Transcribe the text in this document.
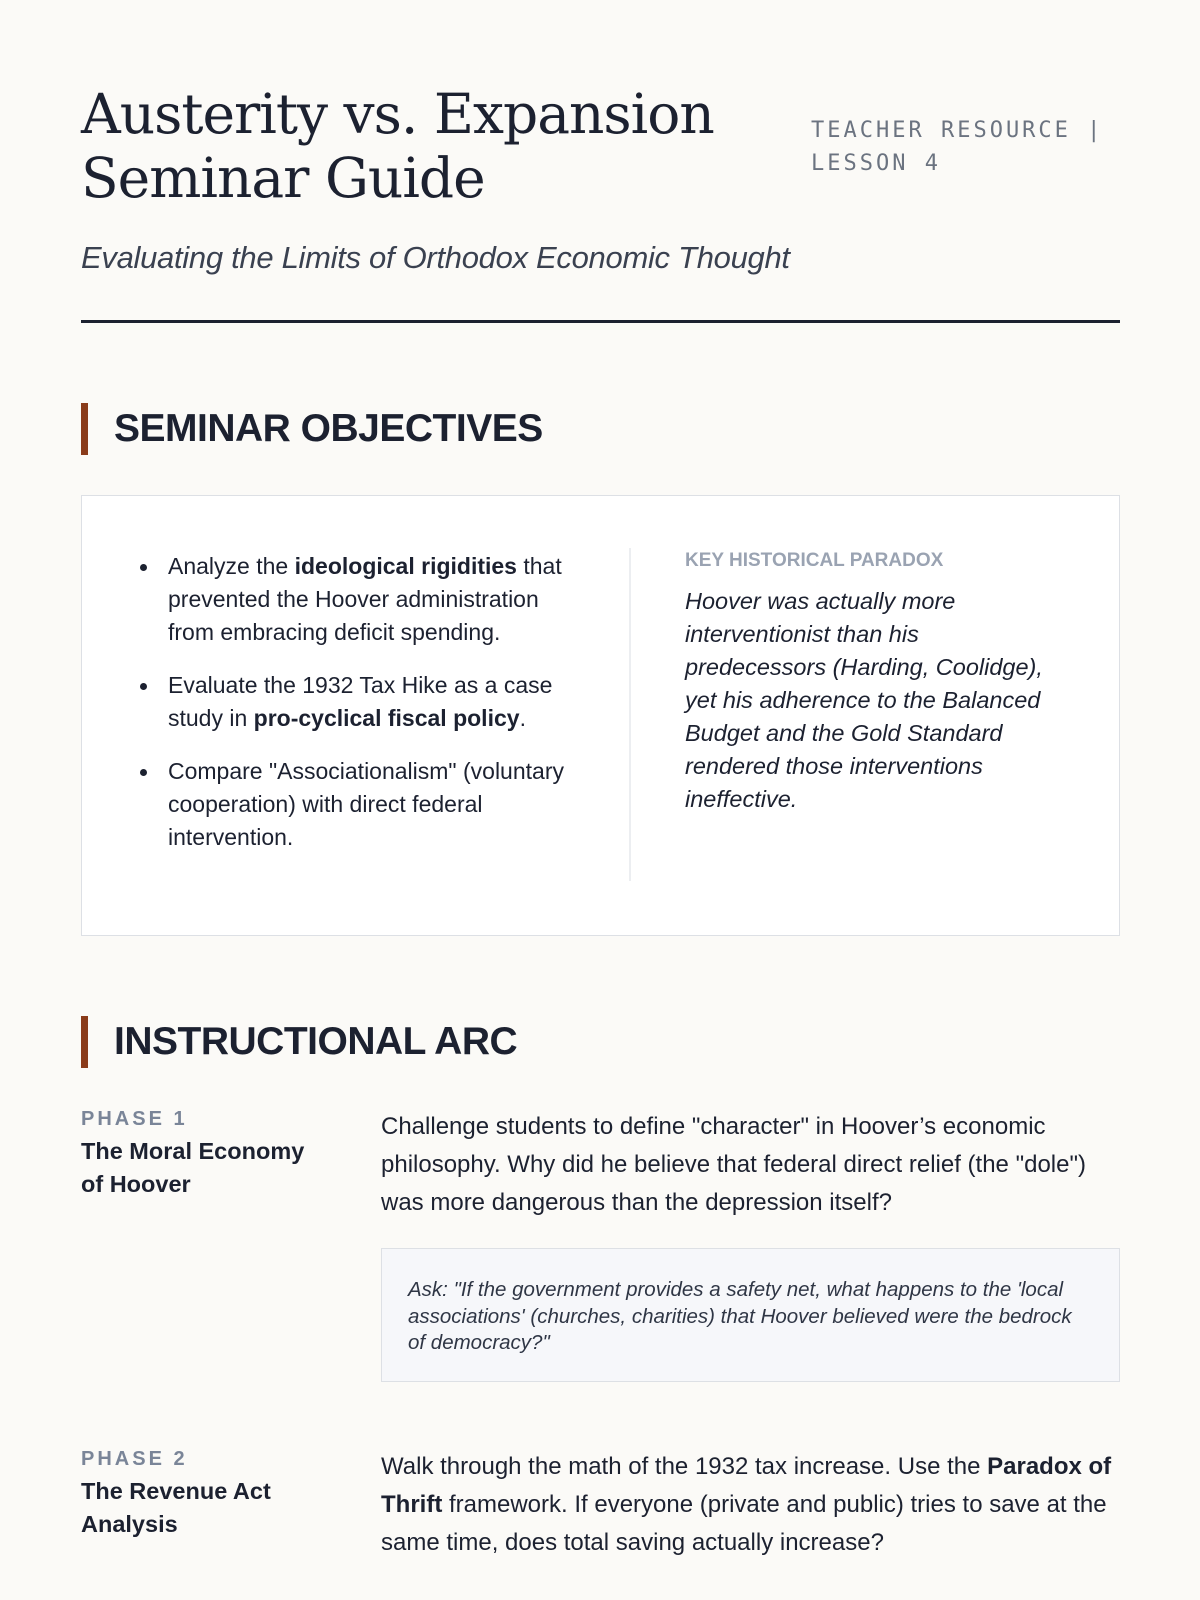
Austerity vs. Expansion
Seminar Guide
TEACHER RESOURCE | LESSON 4
Evaluating the Limits of Orthodox Economic Thought
SEMINAR OBJECTIVES
Analyze the ideological rigidities that prevented the Hoover administration from embracing deficit spending.
Evaluate the 1932 Tax Hike as a case study in pro-cyclical fiscal policy.
Compare "Associationalism" (voluntary cooperation) with direct federal intervention.
KEY HISTORICAL PARADOX
Hoover was actually more interventionist than his predecessors (Harding, Coolidge), yet his adherence to the Balanced Budget and the Gold Standard rendered those interventions ineffective.
INSTRUCTIONAL ARC
PHASE 1
The Moral Economy of Hoover

Challenge students to define "character" in Hoover’s economic philosophy. Why did he believe that federal direct relief (the "dole") was more dangerous than the depression itself?

Ask: "If the government provides a safety net, what happens to the 'local associations' (churches, charities) that Hoover believed were the bedrock of democracy?"
PHASE 2
The Revenue Act Analysis

Walk through the math of the 1932 tax increase. Use the Paradox of Thrift framework. If everyone (private and public) tries to save at the same time, does total saving actually increase?
